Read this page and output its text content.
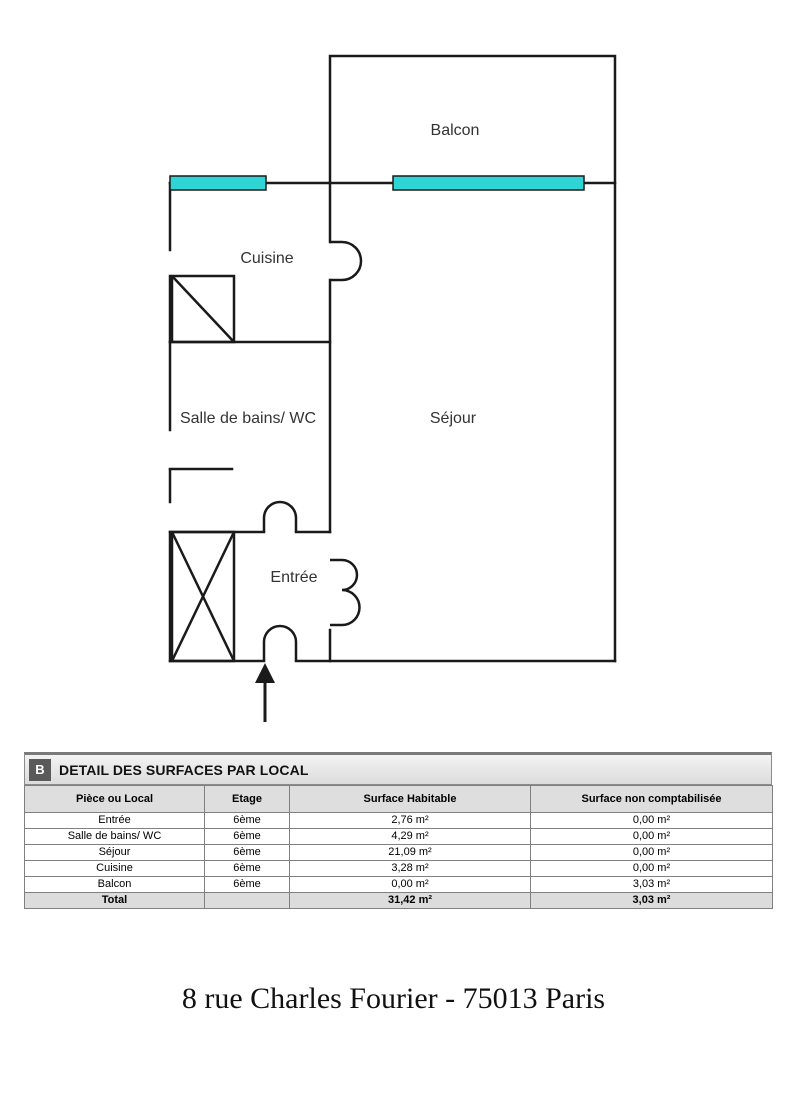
Balcon
Cuisine
Salle de bains/ WC	Séjour
Entrée
B	DETAIL DES SURFACES PAR LOCAL
Pièce ou Local	Etage	Surface Habitable	Surface non comptabilisée
Entrée	6ème	2,76 m²	0,00 m²
Salle de bains/ WC	6ème	4,29 m²	0,00 m²
Séjour	6ème	21,09 m²	0,00 m²
Cuisine	6ème	3,28 m²	0,00 m²
Balcon	6ème	0,00 m²	3,03 m²
Total		31,42 m²	3,03 m²
8 rue Charles Fourier - 75013 Paris
